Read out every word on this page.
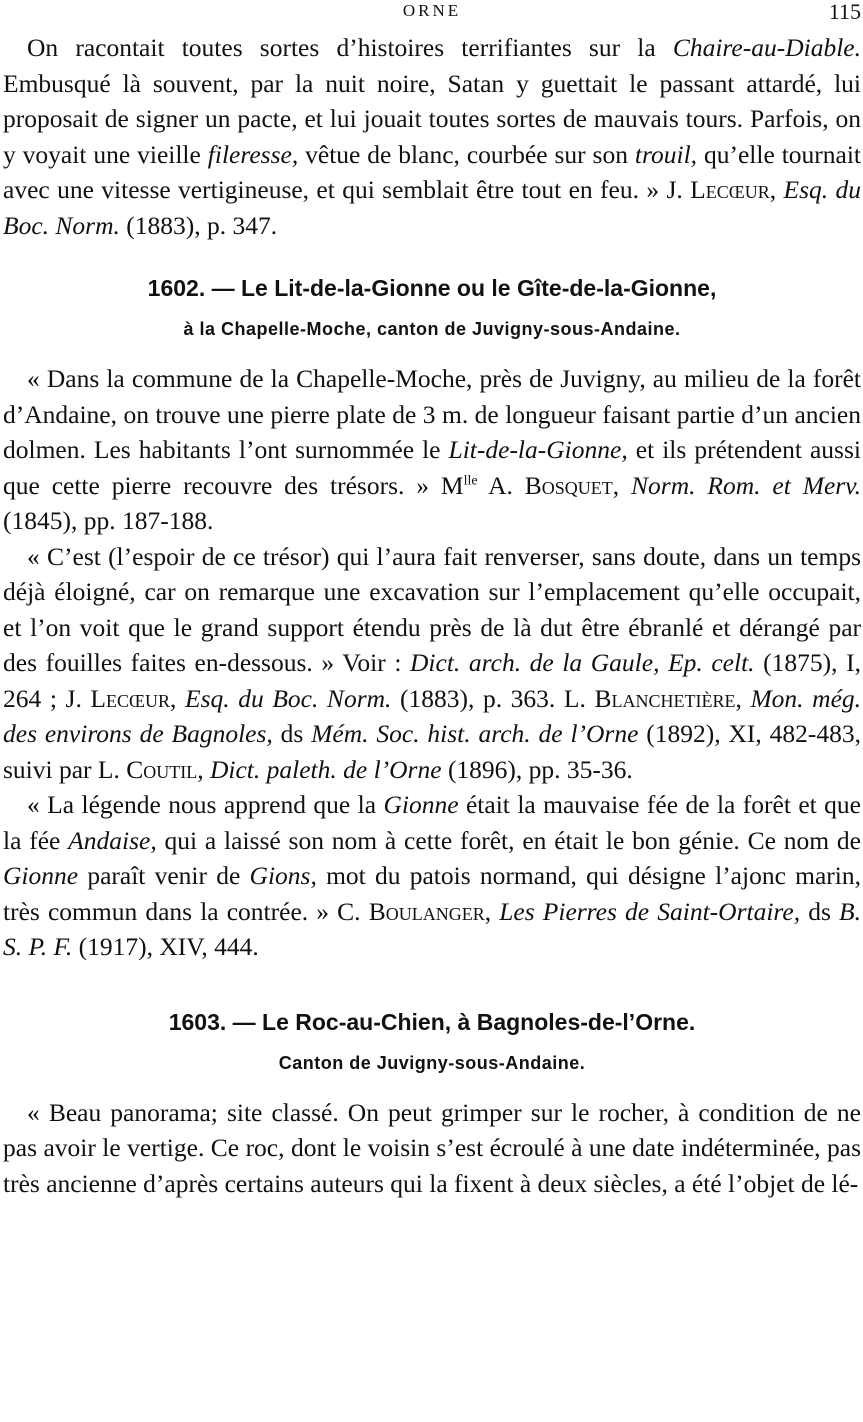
ORNE	115

On racontait toutes sortes d’histoires terrifiantes sur la Chaire-au-Diable. Embusqué là souvent, par la nuit noire, Satan y guettait le passant attardé, lui proposait de signer un pacte, et lui jouait toutes sortes de mauvais tours. Parfois, on y voyait une vieille fileresse, vêtue de blanc, courbée sur son trouil, qu’elle tournait avec une vitesse vertigineuse, et qui semblait être tout en feu. » J. Lecœur, Esq. du Boc. Norm. (1883), p. 347.

1602. — Le Lit-de-la-Gionne ou le Gîte-de-la-Gionne,
à la Chapelle-Moche, canton de Juvigny-sous-Andaine.

« Dans la commune de la Chapelle-Moche, près de Juvigny, au milieu de la forêt d’Andaine, on trouve une pierre plate de 3 m. de longueur faisant partie d’un ancien dolmen. Les habitants l’ont surnommée le Lit-de-la-Gionne, et ils prétendent aussi que cette pierre recouvre des trésors. » $M^{lle}$ A. Bosquet, Norm. Rom. et Merv. (1845), pp. 187-188.

« C’est (l’espoir de ce trésor) qui l’aura fait renverser, sans doute, dans un temps déjà éloigné, car on remarque une excavation sur l’emplacement qu’elle occupait, et l’on voit que le grand support étendu près de là dut être ébranlé et dérangé par des fouilles faites en-dessous. » Voir : Dict. arch. de la Gaule, Ep. celt. (1875), I, 264 ; J. Lecœur, Esq. du Boc. Norm. (1883), p. 363. L. Blanchetière, Mon. még. des environs de Bagnoles, ds Mém. Soc. hist. arch. de l’Orne (1892), XI, 482-483, suivi par L. Coutil, Dict. paleth. de l’Orne (1896), pp. 35-36.

« La légende nous apprend que la Gionne était la mauvaise fée de la forêt et que la fée Andaise, qui a laissé son nom à cette forêt, en était le bon génie. Ce nom de Gionne paraît venir de Gions, mot du patois normand, qui désigne l’ajonc marin, très commun dans la contrée. » C. Boulanger, Les Pierres de Saint-Ortaire, ds B. S. P. F. (1917), XIV, 444.

1603. — Le Roc-au-Chien, à Bagnoles-de-l’Orne.
Canton de Juvigny-sous-Andaine.

« Beau panorama; site classé. On peut grimper sur le rocher, à condition de ne pas avoir le vertige. Ce roc, dont le voisin s’est écroulé à une date indéterminée, pas très ancienne d’après certains auteurs qui la fixent à deux siècles, a été l’objet de lé-
